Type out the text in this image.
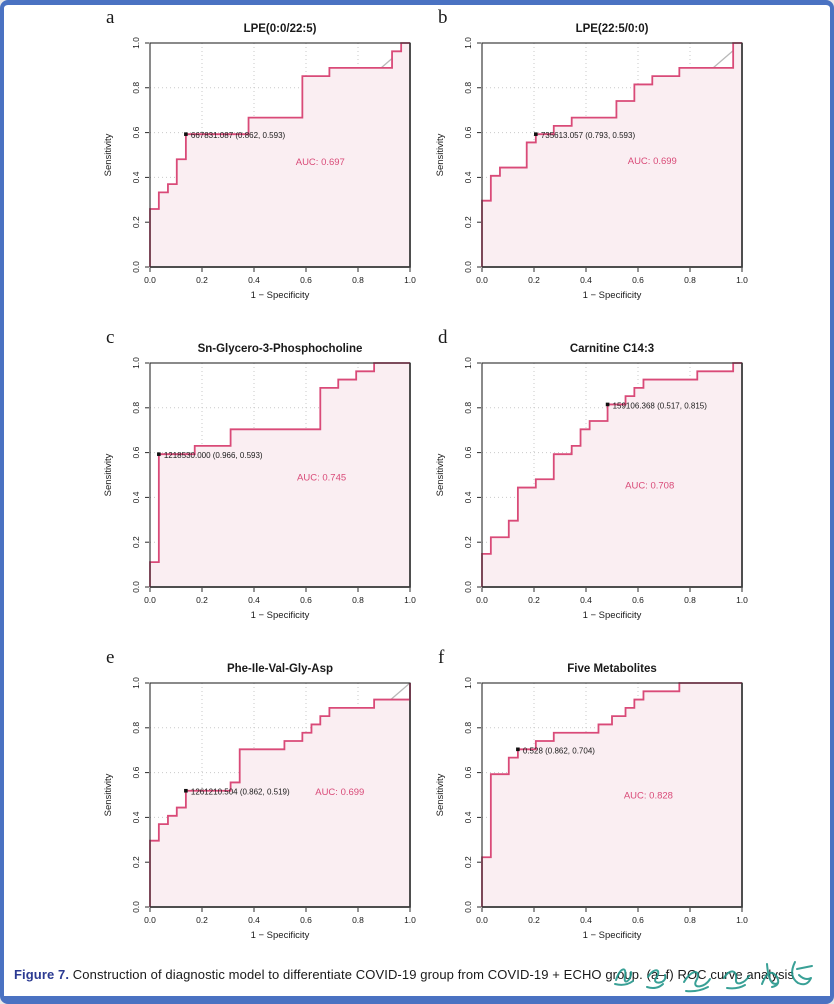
a
0.0
0.0
0.2
0.2
0.4
0.4
0.6
0.6
0.8
0.8
1.0
1.0
1 − Specificity
Sensitivity
LPE(0:0/22:5)
667831.087 (0.862, 0.593)
AUC: 0.697
b
0.0
0.0
0.2
0.2
0.4
0.4
0.6
0.6
0.8
0.8
1.0
1.0
1 − Specificity
Sensitivity
LPE(22:5/0:0)
735613.057 (0.793, 0.593)
AUC: 0.699
c
0.0
0.0
0.2
0.2
0.4
0.4
0.6
0.6
0.8
0.8
1.0
1.0
1 − Specificity
Sensitivity
Sn-Glycero-3-Phosphocholine
1218530.000 (0.966, 0.593)
AUC: 0.745
d
0.0
0.0
0.2
0.2
0.4
0.4
0.6
0.6
0.8
0.8
1.0
1.0
1 − Specificity
Sensitivity
Carnitine C14:3
159106.368 (0.517, 0.815)
AUC: 0.708
e
0.0
0.0
0.2
0.2
0.4
0.4
0.6
0.6
0.8
0.8
1.0
1.0
1 − Specificity
Sensitivity
Phe-Ile-Val-Gly-Asp
1261210.504 (0.862, 0.519)	AUC: 0.699
f
0.0
0.0
0.2
0.2
0.4
0.4
0.6
0.6
0.8
0.8
1.0
1.0
1 − Specificity
Sensitivity
Five Metabolites
0.528 (0.862, 0.704)
AUC: 0.828
Figure 7. Construction of diagnostic model to differentiate COVID-19 group from COVID-19 + ECHO group. (a–f) ROC curve analysis
